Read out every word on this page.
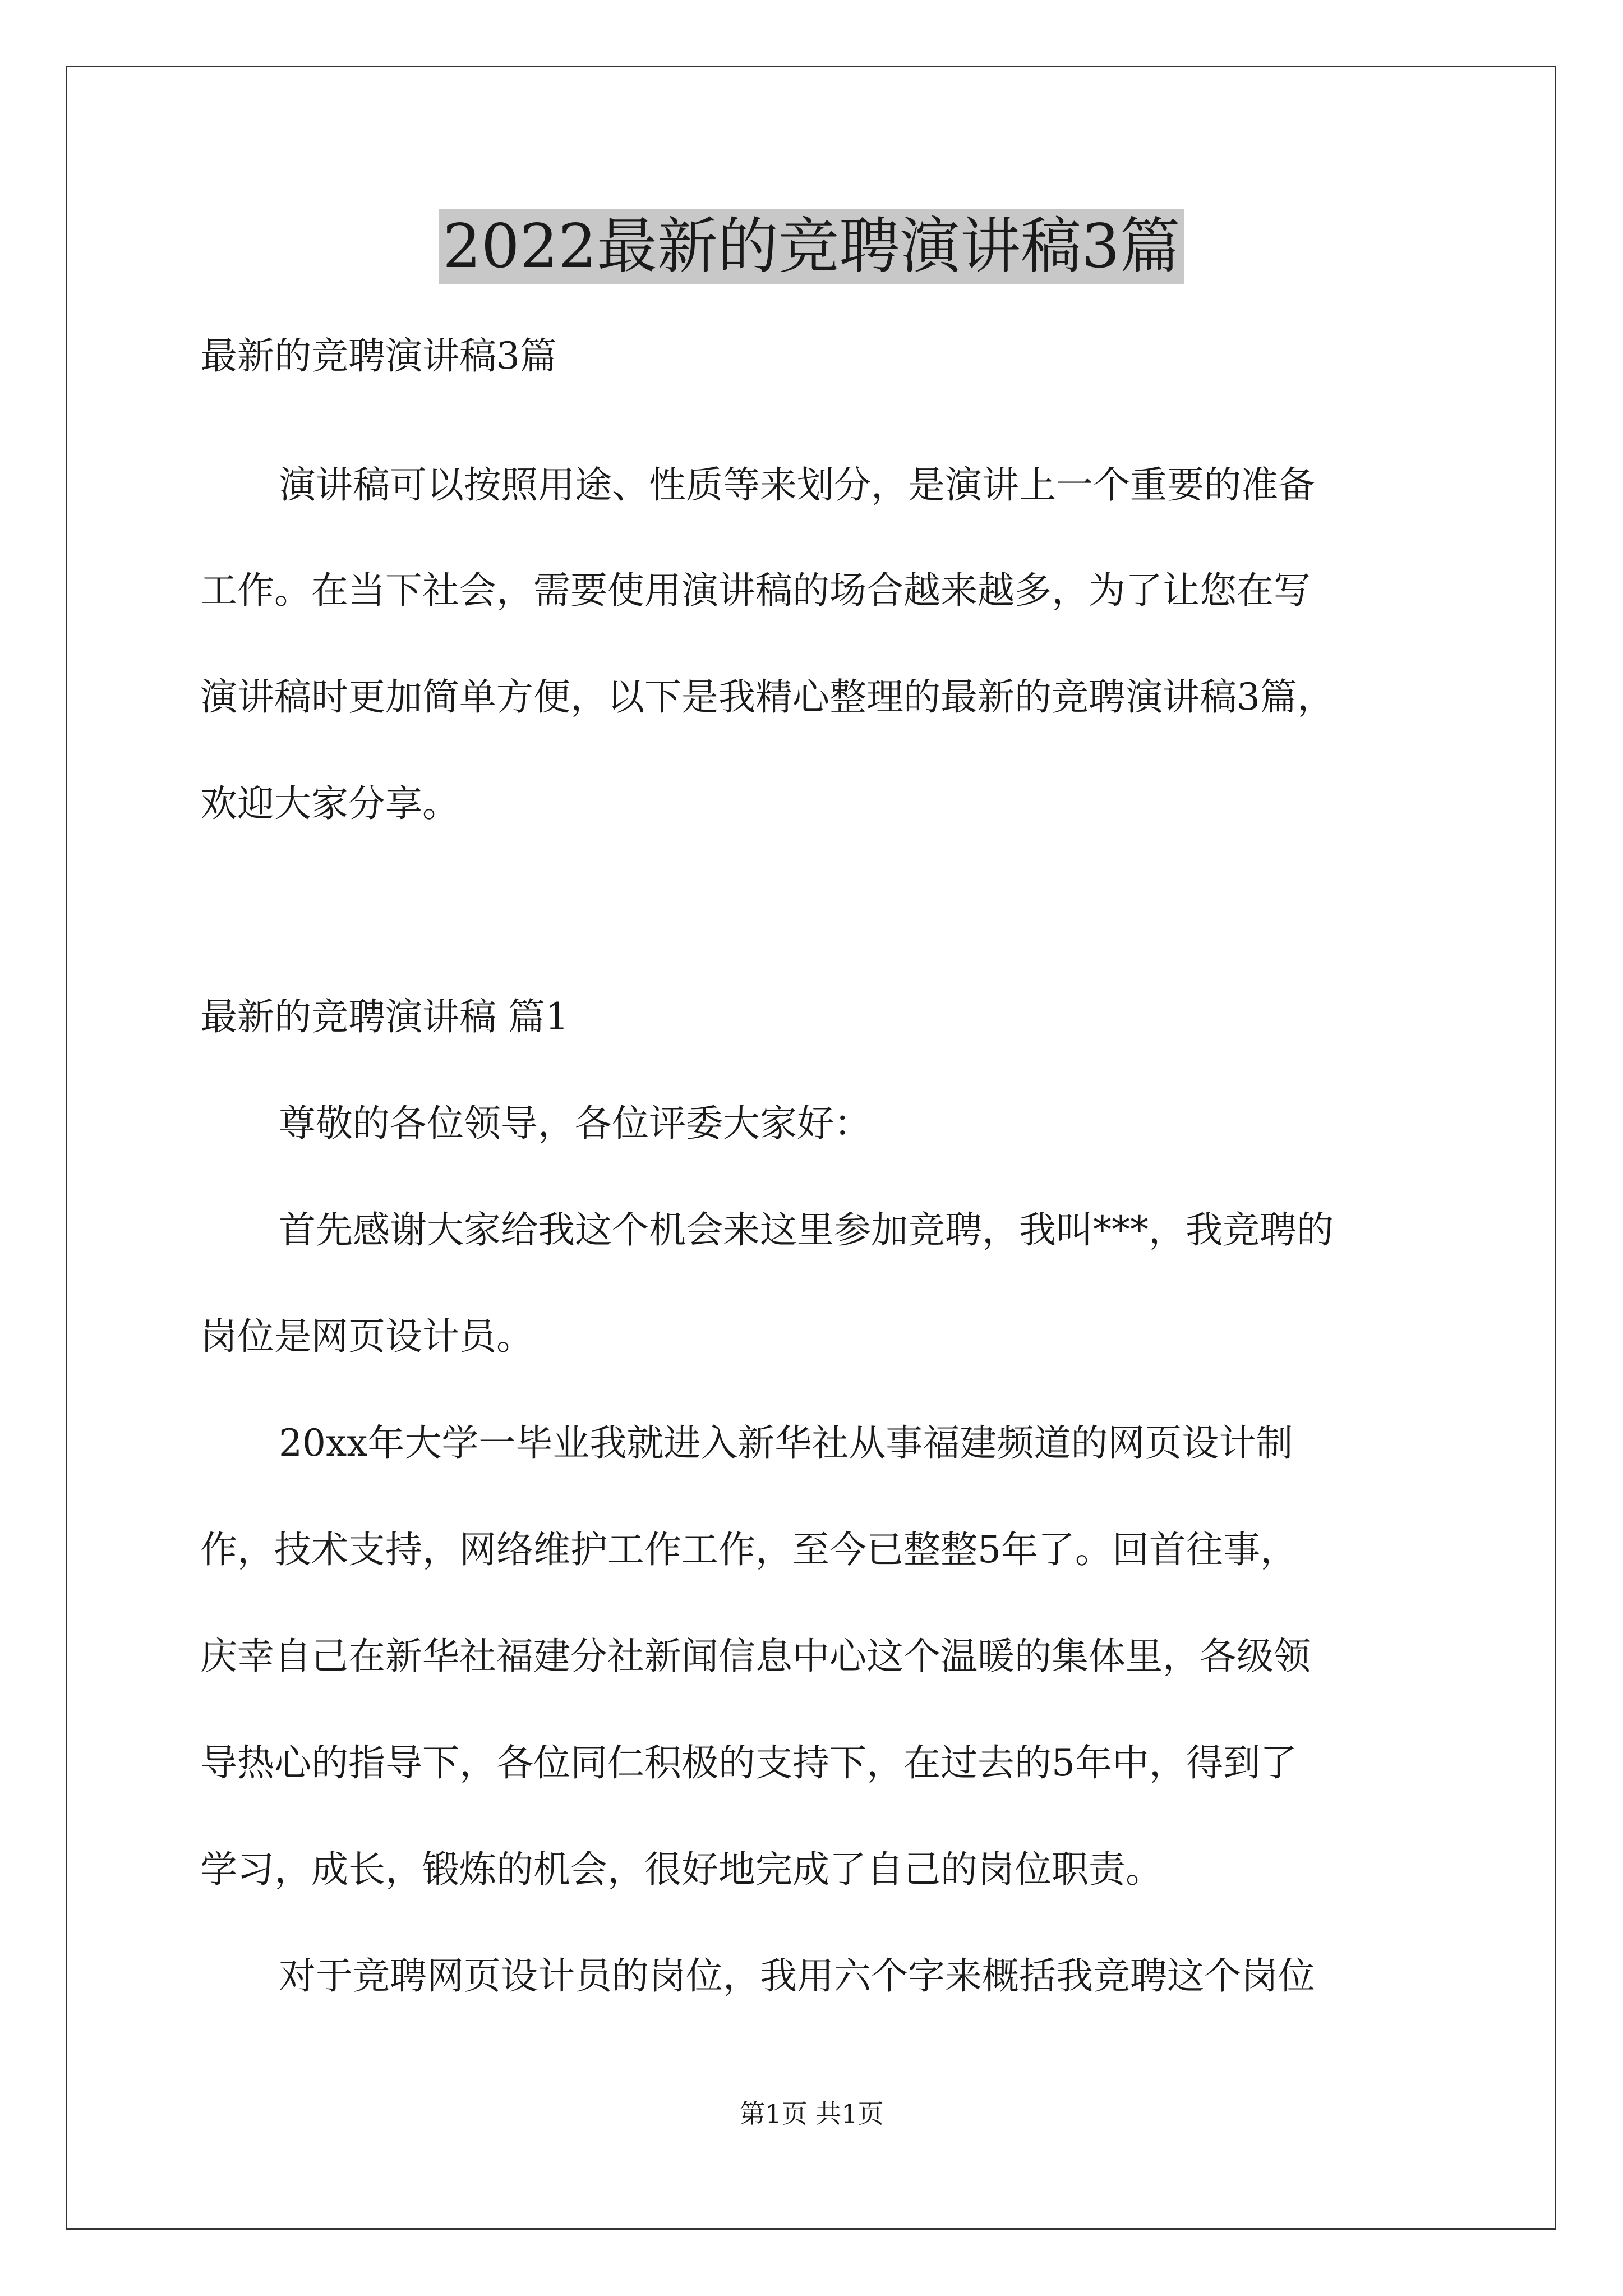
2022最新的竞聘演讲稿3篇

最新的竞聘演讲稿3篇

演讲稿可以按照用途、性质等来划分，是演讲上一个重要的准备

工作。在当下社会，需要使用演讲稿的场合越来越多，为了让您在写

演讲稿时更加简单方便，以下是我精心整理的最新的竞聘演讲稿3篇，

欢迎大家分享。

最新的竞聘演讲稿 篇1

尊敬的各位领导，各位评委大家好：

首先感谢大家给我这个机会来这里参加竞聘，我叫***，我竞聘的

岗位是网页设计员。

20xx年大学一毕业我就进入新华社从事福建频道的网页设计制

作，技术支持，网络维护工作工作，至今已整整5年了。回首往事，

庆幸自己在新华社福建分社新闻信息中心这个温暖的集体里，各级领

导热心的指导下，各位同仁积极的支持下，在过去的5年中，得到了

学习，成长，锻炼的机会，很好地完成了自己的岗位职责。

对于竞聘网页设计员的岗位，我用六个字来概括我竞聘这个岗位

第1页 共1页
